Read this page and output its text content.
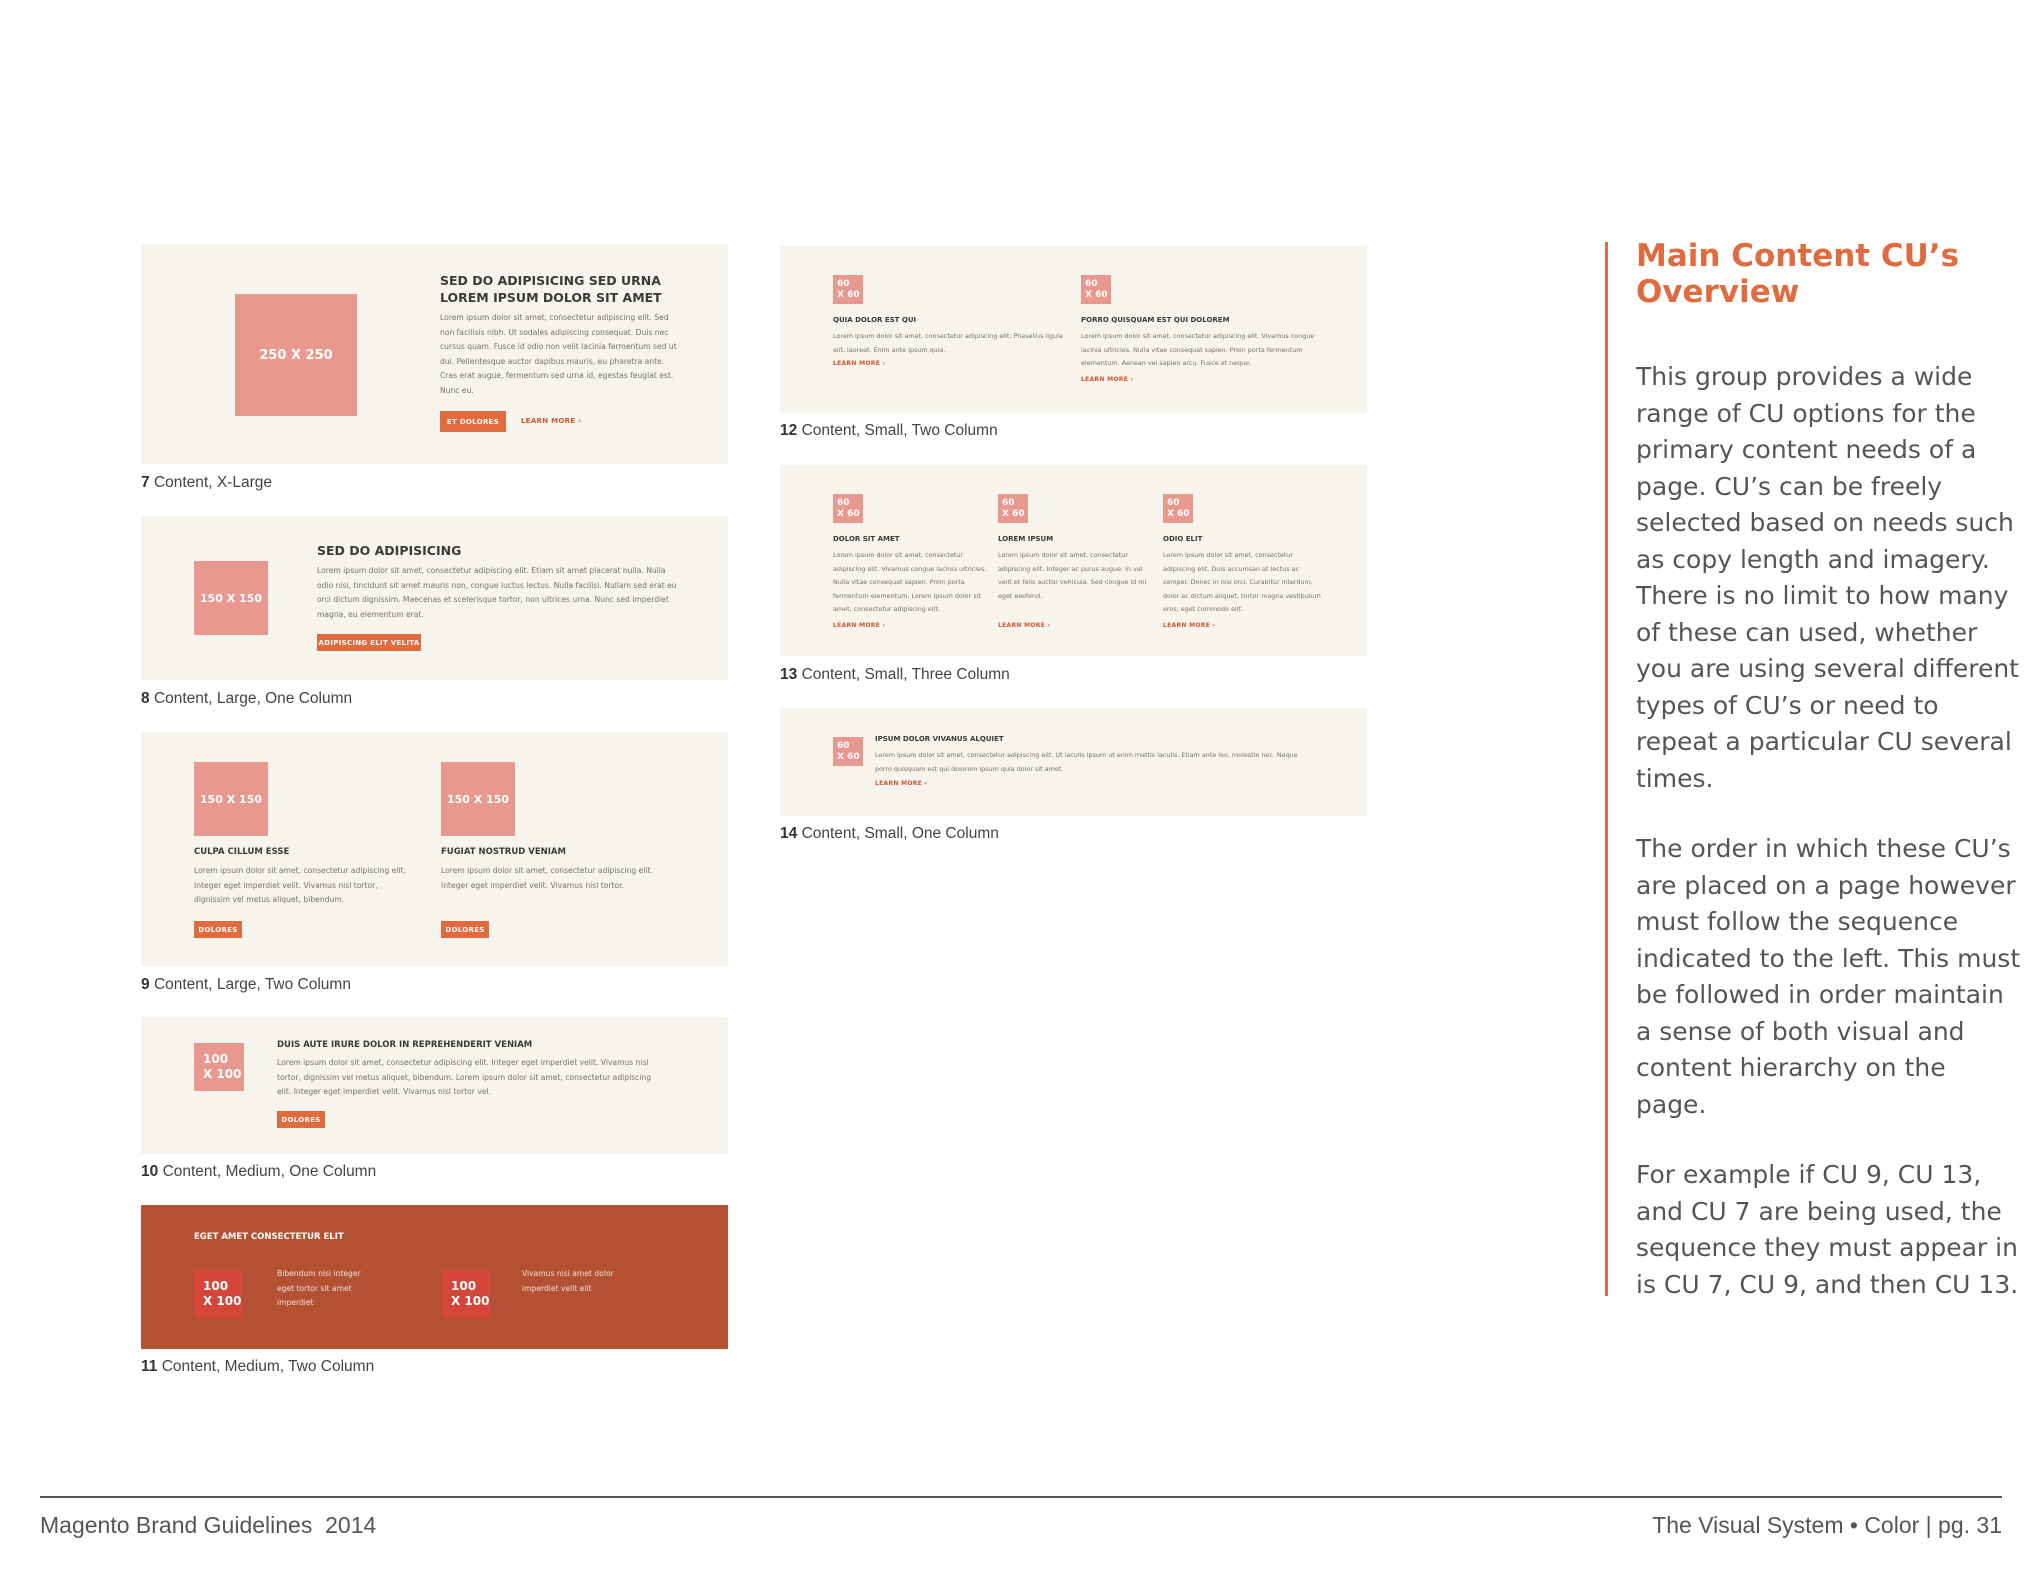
250 X 250

SED DO ADIPISICING SED URNA LOREM IPSUM DOLOR SIT AMET

Lorem ipsum dolor sit amet, consectetur adipiscing elit. Sed non facilisis nibh. Ut sodales adipiscing consequat. Duis nec cursus quam. Fusce id odio non velit lacinia fermentum sed ut dui. Pellentesque auctor dapibus mauris, eu pharetra ante. Cras erat augue, fermentum sed urna id, egestas feugiat est. Nunc eu.

ET DOLORES	LEARN MORE ›
7 Content, X-Large
150 X 150

SED DO ADIPISICING

Lorem ipsum dolor sit amet, consectetur adipiscing elit. Etiam sit amet placerat nulla. Nulla odio nisi, tincidunt sit amet mauris non, congue luctus lectus. Nulla facilisi. Nullam sed erat eu orci dictum dignissim. Maecenas et scelerisque tortor, non ultrices urna. Nunc sed imperdiet magna, eu elementum erat.

ADIPISCING ELIT VELITA
8 Content, Large, One Column
150 X 150

CULPA CILLUM ESSE

Lorem ipsum dolor sit amet, consectetur adipiscing elit. Integer eget imperdiet velit. Vivamus nisl tortor, dignissim vel metus aliquet, bibendum.

DOLORES
150 X 150

FUGIAT NOSTRUD VENIAM

Lorem ipsum dolor sit amet, consectetur adipiscing elit. Integer eget imperdiet velit. Vivamus nisl tortor.

DOLORES
9 Content, Large, Two Column
100
X 100

DUIS AUTE IRURE DOLOR IN REPREHENDERIT VENIAM

Lorem ipsum dolor sit amet, consectetur adipiscing elit. Integer eget imperdiet velit. Vivamus nisl tortor, dignissim vel metus aliquet, bibendum. Lorem ipsum dolor sit amet, consectetur adipiscing elit. Integer eget imperdiet velit. Vivamus nisl tortor vel.

DOLORES
10 Content, Medium, One Column

EGET AMET CONSECTETUR ELIT

100
X 100

Bibendum nisi integer eget tortor sit amet imperdiet

100
X 100

Vivamus nisi amet dolor imperdiet velit elit

11 Content, Medium, Two Column
60
X 60

QUIA DOLOR EST QUI

Lorem ipsum dolor sit amet, consectetur adipiscing elit. Phasellus ligula elit, laoreet. Enim ante ipsum quia.

LEARN MORE ›
60
X 60

PORRO QUISQUAM EST QUI DOLOREM

Lorem ipsum dolor sit amet, consectetur adipiscing elit. Vivamus congue lacinia ultricies. Nulla vitae consequat sapien. Proin porta fermentum elementum. Aenean vel sapien arcu. Fusce et neque.

LEARN MORE ›
12 Content, Small, Two Column
60
X 60

DOLOR SIT AMET

Lorem ipsum dolor sit amet, consectetur adipiscing elit. Vivamus congue lacinia ultricies. Nulla vitae consequat sapien. Proin porta fermentum elementum. Lorem ipsum dolor sit amet, consectetur adipiscing elit.

LEARN MORE ›
60
X 60

LOREM IPSUM

Lorem ipsum dolor sit amet, consectetur adipiscing elit. Integer ac purus augue. In vel velit et felis auctor vehicula. Sed congue id mi eget eleifend.

LEARN MORE ›
60
X 60

ODIO ELIT

Lorem ipsum dolor sit amet, consectetur adipiscing elit. Duis accumsan at lectus ac semper. Donec in nisl orci. Curabitur interdum, dolor ac dictum aliquet, tortor magna vestibulum eros, eget commodo elit.

LEARN MORE ›
13 Content, Small, Three Column
60
X 60

IPSUM DOLOR VIVANUS ALQUIET

Lorem ipsum dolor sit amet, consectetur adipiscing elit. Ut iaculis ipsum ut enim mattis iaculis. Etiam ante leo, molestie nec. Neque porro quisquam est qui dolorem ipsum quia dolor sit amet.

LEARN MORE ›
14 Content, Small, One Column
Main Content CU’s Overview

This group provides a wide range of CU options for the primary content needs of a page. CU’s can be freely selected based on needs such as copy length and imagery. There is no limit to how many of these can used, whether you are using several different types of CU’s or need to repeat a particular CU several times.

The order in which these CU’s are placed on a page however must follow the sequence indicated to the left. This must be followed in order maintain a sense of both visual and content hierarchy on the page.

For example if CU 9, CU 13, and CU 7 are being used, the sequence they must appear in is CU 7, CU 9, and then CU 13.

Magento Brand Guidelines  2014	The Visual System • Color | pg. 31
